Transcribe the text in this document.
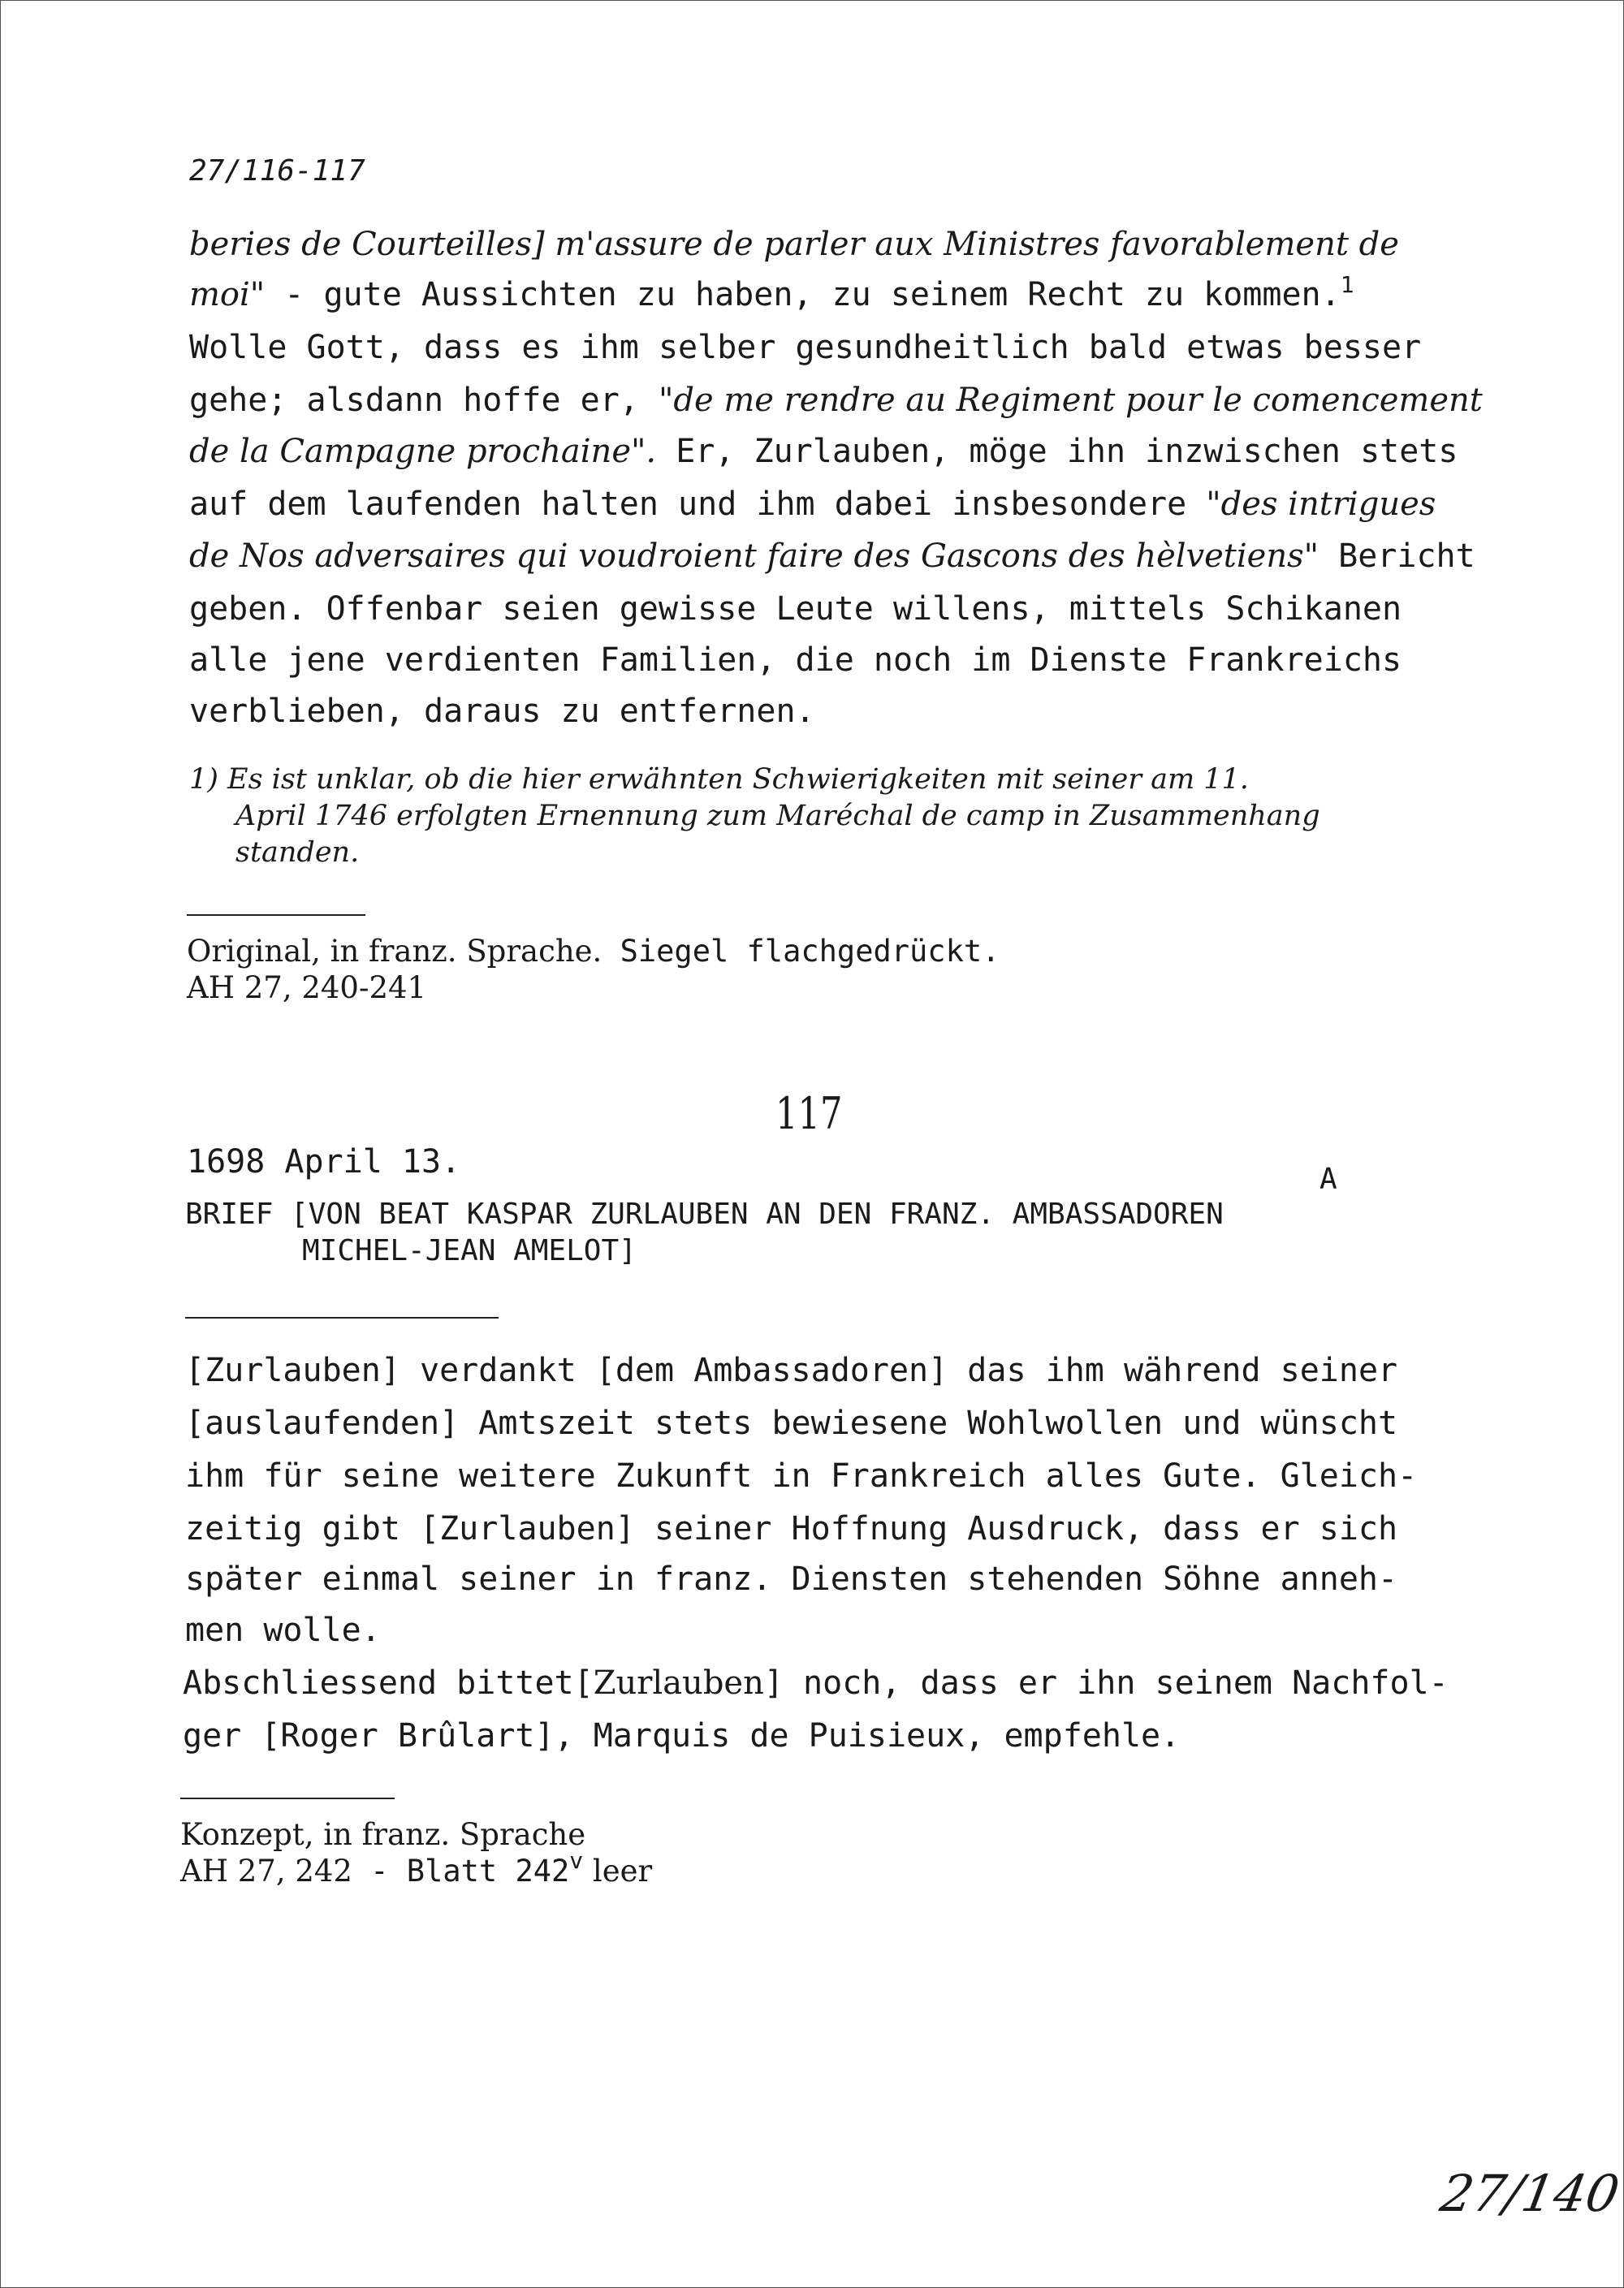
27/116-117
beries de Courteilles] m'assure de parler aux Ministres favorablement de
moi" - gute Aussichten zu haben, zu seinem Recht zu kommen.$^1$
Wolle Gott, dass es ihm selber gesundheitlich bald etwas besser
gehe; alsdann hoffe er, "de me rendre au Regiment pour le comencement
de la Campagne prochaine". Er, Zurlauben, möge ihn inzwischen stets
auf dem laufenden halten und ihm dabei insbesondere "des intrigues
de Nos adversaires qui voudroient faire des Gascons des hèlvetiens" Bericht
geben. Offenbar seien gewisse Leute willens, mittels Schikanen
alle jene verdienten Familien, die noch im Dienste Frankreichs
verblieben, daraus zu entfernen.
1) Es ist unklar, ob die hier erwähnten Schwierigkeiten mit seiner am 11.
April 1746 erfolgten Ernennung zum Maréchal de camp in Zusammenhang
standen.
Original, in franz. Sprache. Siegel flachgedrückt.
AH 27, 240-241
117
1698 April 13.	A
BRIEF [VON BEAT KASPAR ZURLAUBEN AN DEN FRANZ. AMBASSADOREN
MICHEL-JEAN AMELOT]
[Zurlauben] verdankt [dem Ambassadoren] das ihm während seiner
[auslaufenden] Amtszeit stets bewiesene Wohlwollen und wünscht
ihm für seine weitere Zukunft in Frankreich alles Gute. Gleich-
zeitig gibt [Zurlauben] seiner Hoffnung Ausdruck, dass er sich
später einmal seiner in franz. Diensten stehenden Söhne anneh-
men wolle.
Abschliessend bittet[Zurlauben] noch, dass er ihn seinem Nachfol-
ger [Roger Brûlart], Marquis de Puisieux, empfehle.
Konzept, in franz. Sprache
AH 27, 242 - Blatt 242$^v$ leer
27/140
